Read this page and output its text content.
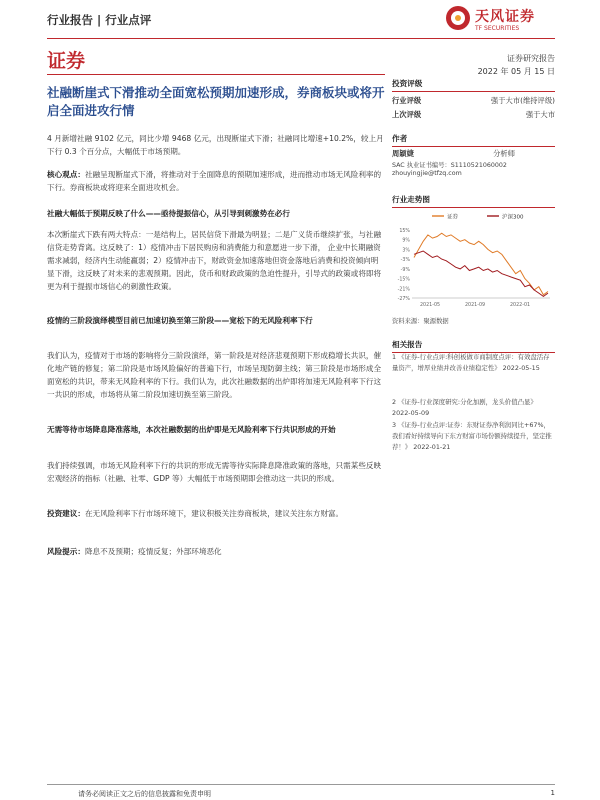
行业报告 | 行业点评	天风证券
TF SECURITIES
证券	证券研究报告
2022 年 05 月 15 日
社融断崖式下滑推动全面宽松预期加速形成，券商板块或将开启全面进攻行情
4 月新增社融 9102 亿元，同比少增 9468 亿元，出现断崖式下滑；社融同比增速+10.2%，较上月下行 0.3 个百分点，大幅低于市场预期。
核心观点：社融呈现断崖式下滑，将推动对于全面降息的预期加速形成，进而推动市场无风险利率的下行。券商板块或将迎来全面进攻机会。
社融大幅低于预期反映了什么——亟待提振信心，从引导到刺激势在必行
本次断崖式下跌有两大特点：一是结构上，居民信贷下滑最为明显；二是广义货币继续扩张，与社融信贷走势背离。这反映了：1）疫情冲击下居民购房和消费能力和意愿进一步下滑， 企业中长期融资需求减弱，经济内生动能羸弱；2）疫情冲击下，财政资金加速落地但资金落地后消费和投资倾向明显下滑，这反映了对未来的悲观预期。因此，货币和财政政策的急迫性提升，引导式的政策或将即将更为利于提振市场信心的刺激性政策。
疫情的三阶段演绎模型目前已加速切换至第三阶段——宽松下的无风险利率下行
我们认为，疫情对于市场的影响将分三阶段演绎，第一阶段是对经济悲观预期下形成稳增长共识，催化地产链的修复；第二阶段是市场风险偏好的普遍下行，市场呈现防御主线；第三阶段是市场形成全面宽松的共识，带来无风险利率的下行。我们认为，此次社融数据的出炉即将加速无风险利率下行这一共识的形成，市场将从第二阶段加速切换至第三阶段。
无需等待市场降息降准落地，本次社融数据的出炉即是无风险利率下行共识形成的开始
我们持续强调，市场无风险利率下行的共识的形成无需等待实际降息降准政策的落地，只需某些反映宏观经济的指标（社融、社零、GDP 等）大幅低于市场预期即会推动这一共识的形成。
投资建议：在无风险利率下行市场环境下，建议积极关注券商板块，建议关注东方财富。
风险提示：降息不及预期；疫情反复；外部环境恶化
投资评级
行业评级	强于大市(维持评级)
上次评级	强于大市
作者
周颖婕	分析师
SAC 执业证书编号：S1110521060002
zhouyingjie@tfzq.com
行业走势图
证券	沪深300
15%
9%
3%
-3%
-9%
-15%
-21%
-27%
2021-05	2021-09	2022-01
资料来源：聚源数据
相关报告
1 《证券-行业点评:科创板做市商制度点评：有效盘活存量资产，增厚业绩并改善业绩稳定性》 2022-05-15
2 《证券-行业深度研究:分化加剧，龙头价值凸显》 2022-05-09
3 《证券-行业点评:证券：东财证券净利润同比+67%，我们看好持续导向下东方财富市场份额持续提升，坚定推荐！》 2022-01-21
请务必阅读正文之后的信息披露和免责申明	1
